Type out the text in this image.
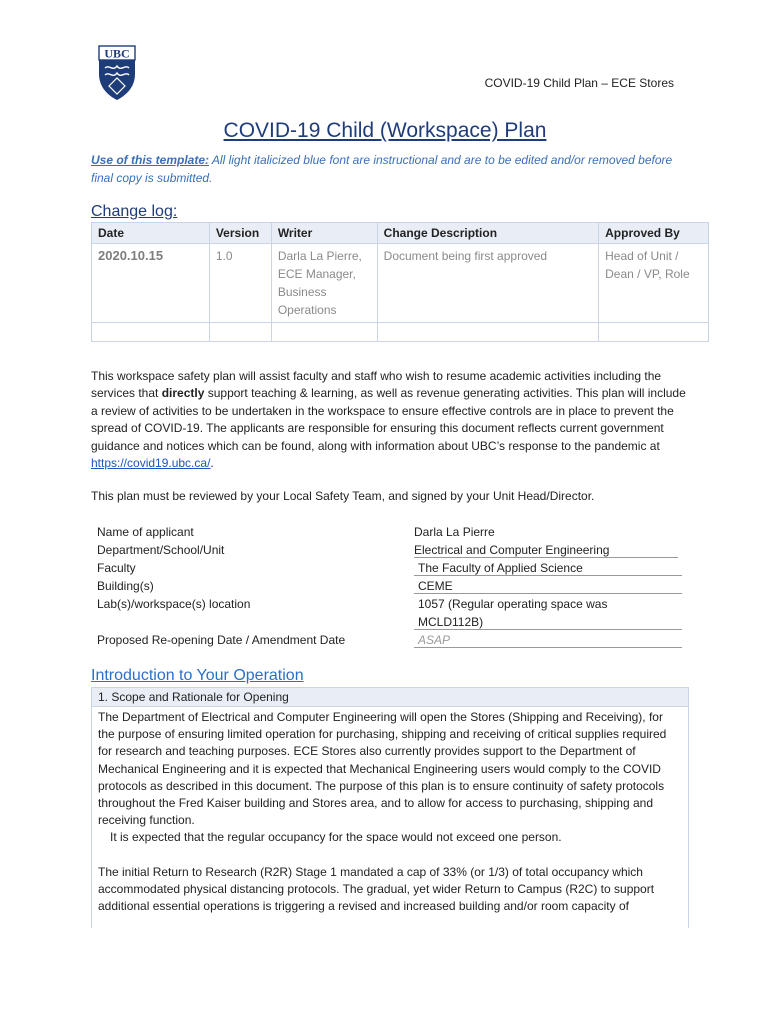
UBC
COVID-19 Child Plan – ECE Stores
COVID-19 Child (Workspace) Plan
Use of this template: All light italicized blue font are instructional and are to be edited and/or removed before final copy is submitted.
Change log:
Date	Version	Writer	Change Description	Approved By
2020.10.15	1.0	Darla La Pierre, ECE Manager, Business Operations	Document being first approved	Head of Unit / Dean / VP, Role

This workspace safety plan will assist faculty and staff who wish to resume academic activities including the services that directly support teaching & learning, as well as revenue generating activities. This plan will include a review of activities to be undertaken in the workspace to ensure effective controls are in place to prevent the spread of COVID-19. The applicants are responsible for ensuring this document reflects current government guidance and notices which can be found, along with information about UBC’s response to the pandemic at https://covid19.ubc.ca/.
This plan must be reviewed by your Local Safety Team, and signed by your Unit Head/Director.
Name of applicant	Darla La Pierre
Department/School/Unit	Electrical and Computer Engineering
Faculty	The Faculty of Applied Science
Building(s)	CEME
Lab(s)/workspace(s) location	1057 (Regular operating space was
MCLD112B)
Proposed Re-opening Date / Amendment Date	ASAP
Introduction to Your Operation
1. Scope and Rationale for Opening

The Department of Electrical and Computer Engineering will open the Stores (Shipping and Receiving), for the purpose of ensuring limited operation for purchasing, shipping and receiving of critical supplies required for research and teaching purposes. ECE Stores also currently provides support to the Department of Mechanical Engineering and it is expected that Mechanical Engineering users would comply to the COVID protocols as described in this document. The purpose of this plan is to ensure continuity of safety protocols throughout the Fred Kaiser building and Stores area, and to allow for access to purchasing, shipping and receiving function.

It is expected that the regular occupancy for the space would not exceed one person.

The initial Return to Research (R2R) Stage 1 mandated a cap of 33% (or 1/3) of total occupancy which accommodated physical distancing protocols. The gradual, yet wider Return to Campus (R2C) to support additional essential operations is triggering a revised and increased building and/or room capacity of
